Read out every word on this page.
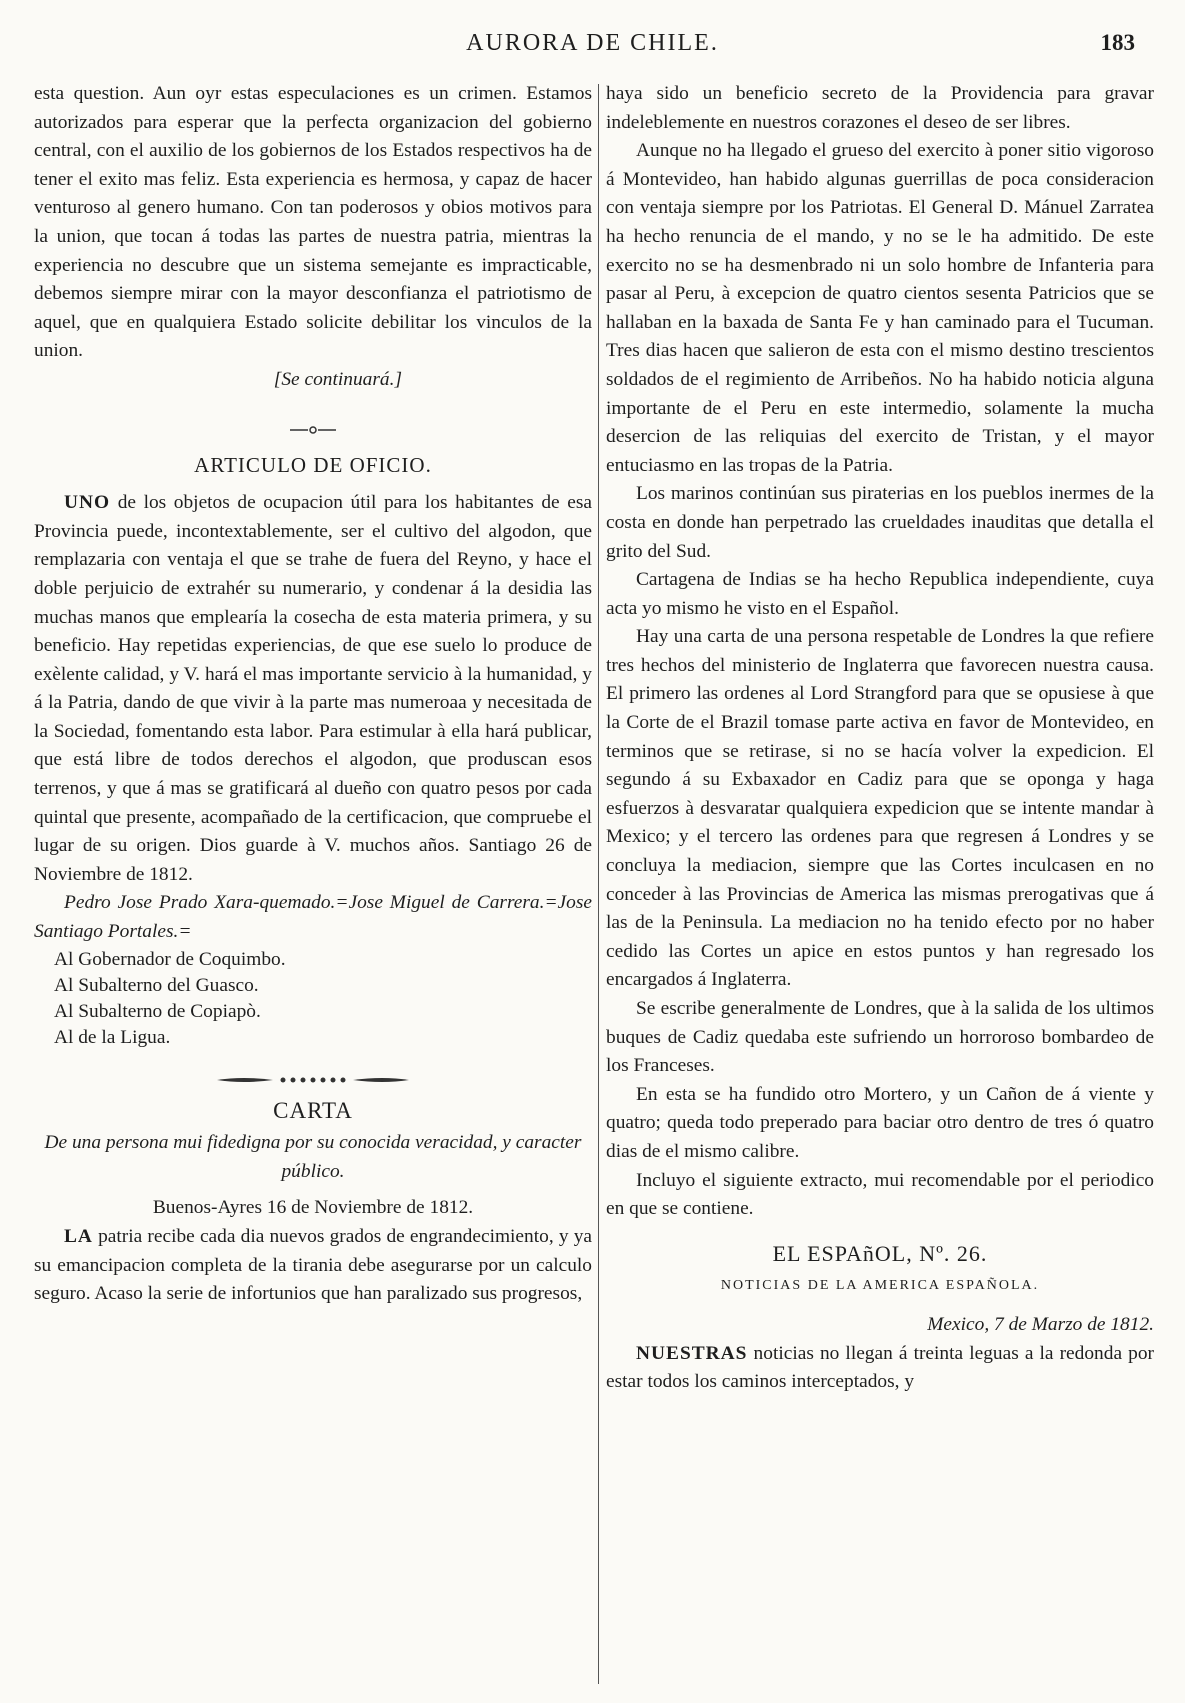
AURORA DE CHILE.	183

esta question. Aun oyr estas especulaciones es un crimen. Estamos autorizados para esperar que la perfecta organizacion del gobierno central, con el auxilio de los gobiernos de los Estados respectivos ha de tener el exito mas feliz. Esta experiencia es hermosa, y capaz de hacer venturoso al genero humano. Con tan poderosos y obios motivos para la union, que tocan á todas las partes de nuestra patria, mientras la experiencia no descubre que un sistema semejante es impracticable, debemos siempre mirar con la mayor desconfianza el patriotismo de aquel, que en qualquiera Estado solicite debilitar los vinculos de la union.

[Se continuará.]

ARTICULO DE OFICIO.

UNO de los objetos de ocupacion útil para los habitantes de esa Provincia puede, incontextablemente, ser el cultivo del algodon, que remplazaria con ventaja el que se trahe de fuera del Reyno, y hace el doble perjuicio de extrahér su numerario, y condenar á la desidia las muchas manos que emplearía la cosecha de esta materia primera, y su beneficio. Hay repetidas experiencias, de que ese suelo lo produce de exèlente calidad, y V. hará el mas importante servicio à la humanidad, y á la Patria, dando de que vivir à la parte mas numeroaa y necesitada de la Sociedad, fomentando esta labor. Para estimular à ella hará publicar, que está libre de todos derechos el algodon, que produscan esos terrenos, y que á mas se gratificará al dueño con quatro pesos por cada quintal que presente, acompañado de la certificacion, que compruebe el lugar de su origen. Dios guarde à V. muchos años. Santiago 26 de Noviembre de 1812.

Pedro Jose Prado Xara-quemado.=Jose Miguel de Carrera.=Jose Santiago Portales.=

Al Gobernador de Coquimbo.
Al Subalterno del Guasco.
Al Subalterno de Copiapò.
Al de la Ligua.
CARTA

De una persona mui fidedigna por su conocida veracidad, y caracter público.

Buenos-Ayres 16 de Noviembre de 1812.

LA patria recibe cada dia nuevos grados de engrandecimiento, y ya su emancipacion completa de la tirania debe asegurarse por un calculo seguro. Acaso la serie de infortunios que han paralizado sus progresos,

haya sido un beneficio secreto de la Providencia para gravar indeleblemente en nuestros corazones el deseo de ser libres.

Aunque no ha llegado el grueso del exercito à poner sitio vigoroso á Montevideo, han habido algunas guerrillas de poca consideracion con ventaja siempre por los Patriotas. El General D. Mánuel Zarratea ha hecho renuncia de el mando, y no se le ha admitido. De este exercito no se ha desmenbrado ni un solo hombre de Infanteria para pasar al Peru, à excepcion de quatro cientos sesenta Patricios que se hallaban en la baxada de Santa Fe y han caminado para el Tucuman. Tres dias hacen que salieron de esta con el mismo destino trescientos soldados de el regimiento de Arribeños. No ha habido noticia alguna importante de el Peru en este intermedio, solamente la mucha desercion de las reliquias del exercito de Tristan, y el mayor entuciasmo en las tropas de la Patria.

Los marinos continúan sus piraterias en los pueblos inermes de la costa en donde han perpetrado las crueldades inauditas que detalla el grito del Sud.

Cartagena de Indias se ha hecho Republica independiente, cuya acta yo mismo he visto en el Español.

Hay una carta de una persona respetable de Londres la que refiere tres hechos del ministerio de Inglaterra que favorecen nuestra causa. El primero las ordenes al Lord Strangford para que se opusiese à que la Corte de el Brazil tomase parte activa en favor de Montevideo, en terminos que se retirase, si no se hacía volver la expedicion. El segundo á su Exbaxador en Cadiz para que se oponga y haga esfuerzos à desvaratar qualquiera expedicion que se intente mandar à Mexico; y el tercero las ordenes para que regresen á Londres y se concluya la mediacion, siempre que las Cortes inculcasen en no conceder à las Provincias de America las mismas prerogativas que á las de la Peninsula. La mediacion no ha tenido efecto por no haber cedido las Cortes un apice en estos puntos y han regresado los encargados á Inglaterra.

Se escribe generalmente de Londres, que à la salida de los ultimos buques de Cadiz quedaba este sufriendo un horroroso bombardeo de los Franceses.

En esta se ha fundido otro Mortero, y un Cañon de á viente y quatro; queda todo preperado para baciar otro dentro de tres ó quatro dias de el mismo calibre.

Incluyo el siguiente extracto, mui recomendable por el periodico en que se contiene.

EL ESPAñOL, Nº. 26.
NOTICIAS DE LA AMERICA ESPAÑOLA.

Mexico, 7 de Marzo de 1812.

NUESTRAS noticias no llegan á treinta leguas a la redonda por estar todos los caminos interceptados, y
